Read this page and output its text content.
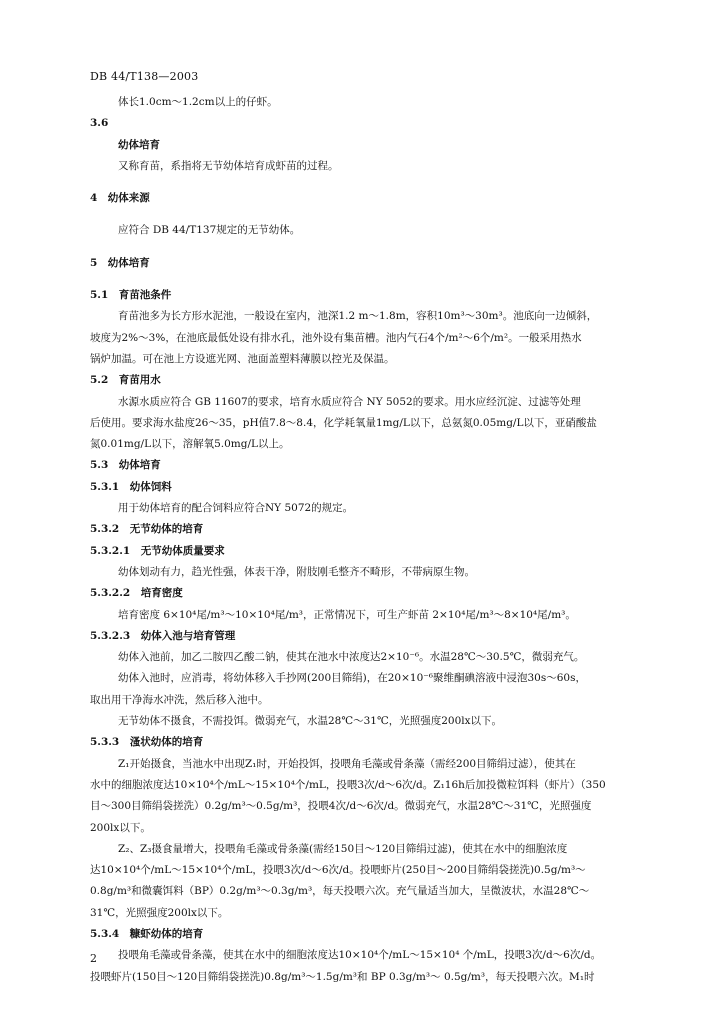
DB 44/T138—2003
体长1.0cm～1.2cm以上的仔虾。
3.6
幼体培育
又称育苗，系指将无节幼体培育成虾苗的过程。
4　幼体来源
应符合 DB 44/T137规定的无节幼体。
5　幼体培育
5.1　育苗池条件
育苗池多为长方形水泥池，一般设在室内，池深1.2 m～1.8m，容积10m³～30m³。池底向一边倾斜，
坡度为2%～3%，在池底最低处设有排水孔，池外设有集苗槽。池内气石4个/m²～6个/m²。一般采用热水
锅炉加温。可在池上方设遮光网、池面盖塑料薄膜以控光及保温。
5.2　育苗用水
水源水质应符合 GB 11607的要求，培育水质应符合 NY 5052的要求。用水应经沉淀、过滤等处理
后使用。要求海水盐度26～35，pH值7.8～8.4，化学耗氧量1mg/L以下，总氨氮0.05mg/L以下，亚硝酸盐
氮0.01mg/L以下，溶解氧5.0mg/L以上。
5.3　幼体培育
5.3.1　幼体饲料
用于幼体培育的配合饲料应符合NY 5072的规定。
5.3.2　无节幼体的培育
5.3.2.1　无节幼体质量要求
幼体划动有力，趋光性强，体表干净，附肢刚毛整齐不畸形，不带病原生物。
5.3.2.2　培育密度
培育密度 6×10⁴尾/m³～10×10⁴尾/m³，正常情况下，可生产虾苗 2×10⁴尾/m³～8×10⁴尾/m³。
5.3.2.3　幼体入池与培育管理
幼体入池前，加乙二胺四乙酸二钠，使其在池水中浓度达2×10⁻⁶。水温28℃～30.5℃，微弱充气。
幼体入池时，应消毒，将幼体移入手抄网(200目筛绢)，在20×10⁻⁶聚维酮碘溶液中浸泡30s～60s，
取出用干净海水冲洗，然后移入池中。
无节幼体不摄食，不需投饵。微弱充气，水温28℃～31℃，光照强度200lx以下。
5.3.3　溞状幼体的培育
Z₁开始摄食，当池水中出现Z₁时，开始投饵，投喂角毛藻或骨条藻（需经200目筛绢过滤），使其在
水中的细胞浓度达10×10⁴个/mL～15×10⁴个/mL，投喂3次/d～6次/d。Z₁16h后加投微粒饵料（虾片）（350
目～300目筛绢袋搓洗）0.2g/m³～0.5g/m³，投喂4次/d～6次/d。微弱充气，水温28℃～31℃，光照强度
200lx以下。
Z₂、Z₃摄食量增大，投喂角毛藻或骨条藻(需经150目～120目筛绢过滤)，使其在水中的细胞浓度
达10×10⁴个/mL～15×10⁴个/mL，投喂3次/d～6次/d。投喂虾片(250目～200目筛绢袋搓洗)0.5g/m³～
0.8g/m³和微囊饵料（BP）0.2g/m³～0.3g/m³，每天投喂六次。充气量适当加大，呈微波状，水温28℃～
31℃，光照强度200lx以下。
5.3.4　糠虾幼体的培育
投喂角毛藻或骨条藻，使其在水中的细胞浓度达10×10⁴个/mL～15×10⁴ 个/mL，投喂3次/d～6次/d。
投喂虾片(150目～120目筛绢袋搓洗)0.8g/m³～1.5g/m³和 BP 0.3g/m³～ 0.5g/m³，每天投喂六次。M₁时
2
